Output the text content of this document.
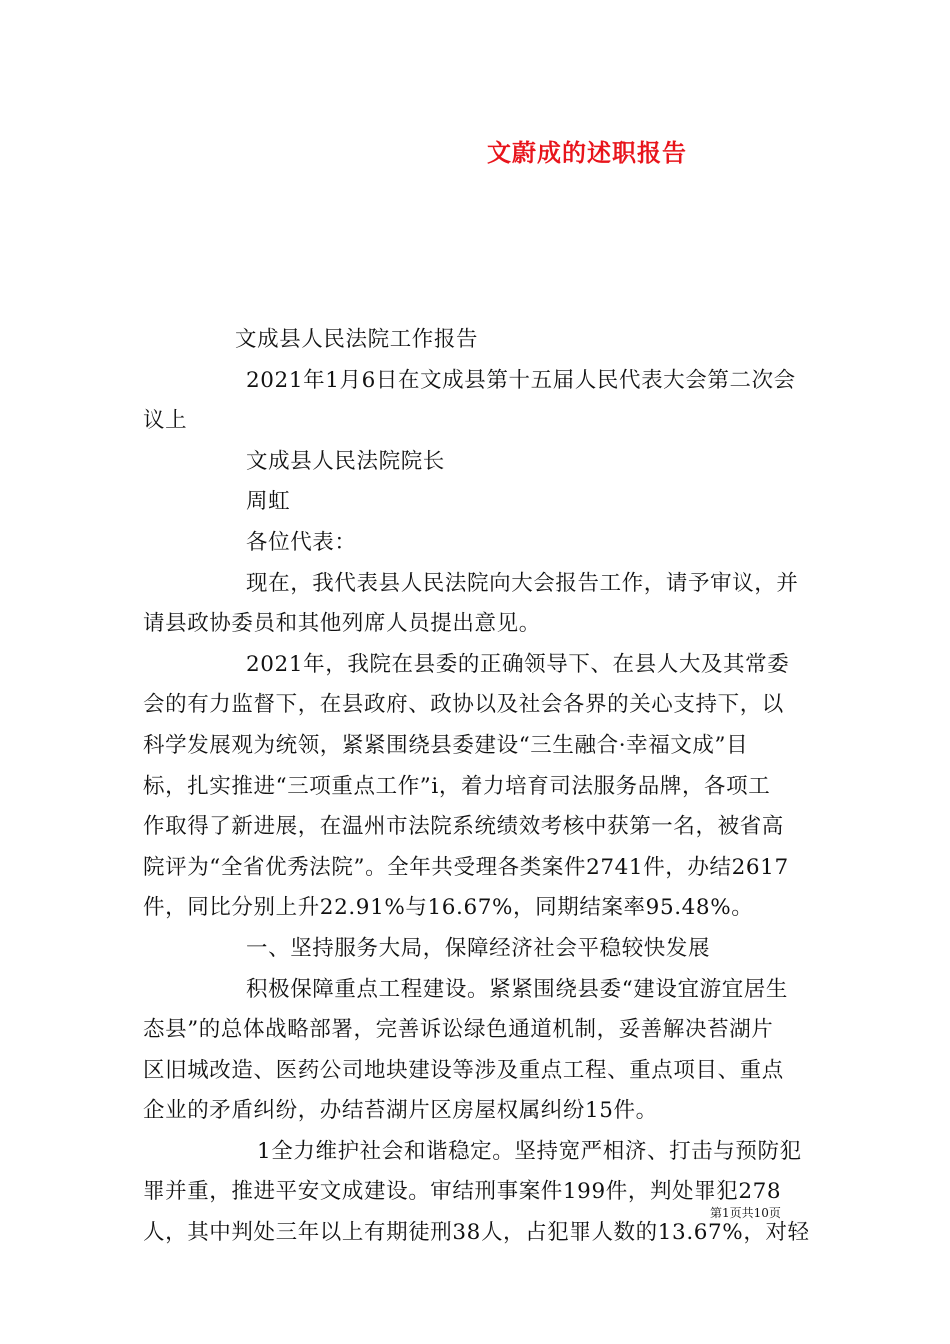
文蔚成的述职报告

文成县人民法院工作报告

2021年1月6日在文成县第十五届人民代表大会第二次会

议上

文成县人民法院院长

周虹

各位代表：

现在，我代表县人民法院向大会报告工作，请予审议，并

请县政协委员和其他列席人员提出意见。

2021年，我院在县委的正确领导下、在县人大及其常委

会的有力监督下，在县政府、政协以及社会各界的关心支持下，以

科学发展观为统领，紧紧围绕县委建设“三生融合·幸福文成”目

标，扎实推进“三项重点工作”i，着力培育司法服务品牌，各项工

作取得了新进展，在温州市法院系统绩效考核中获第一名，被省高

院评为“全省优秀法院”。全年共受理各类案件2741件，办结2617

件，同比分别上升22.91%与16.67%，同期结案率95.48%。

一、坚持服务大局，保障经济社会平稳较快发展

积极保障重点工程建设。紧紧围绕县委“建设宜游宜居生

态县”的总体战略部署，完善诉讼绿色通道机制，妥善解决苔湖片

区旧城改造、医药公司地块建设等涉及重点工程、重点项目、重点

企业的矛盾纠纷，办结苔湖片区房屋权属纠纷15件。

1全力维护社会和谐稳定。坚持宽严相济、打击与预防犯

罪并重，推进平安文成建设。审结刑事案件199件，判处罪犯278

人，其中判处三年以上有期徒刑38人，占犯罪人数的13.67%，对轻

第1页共10页
